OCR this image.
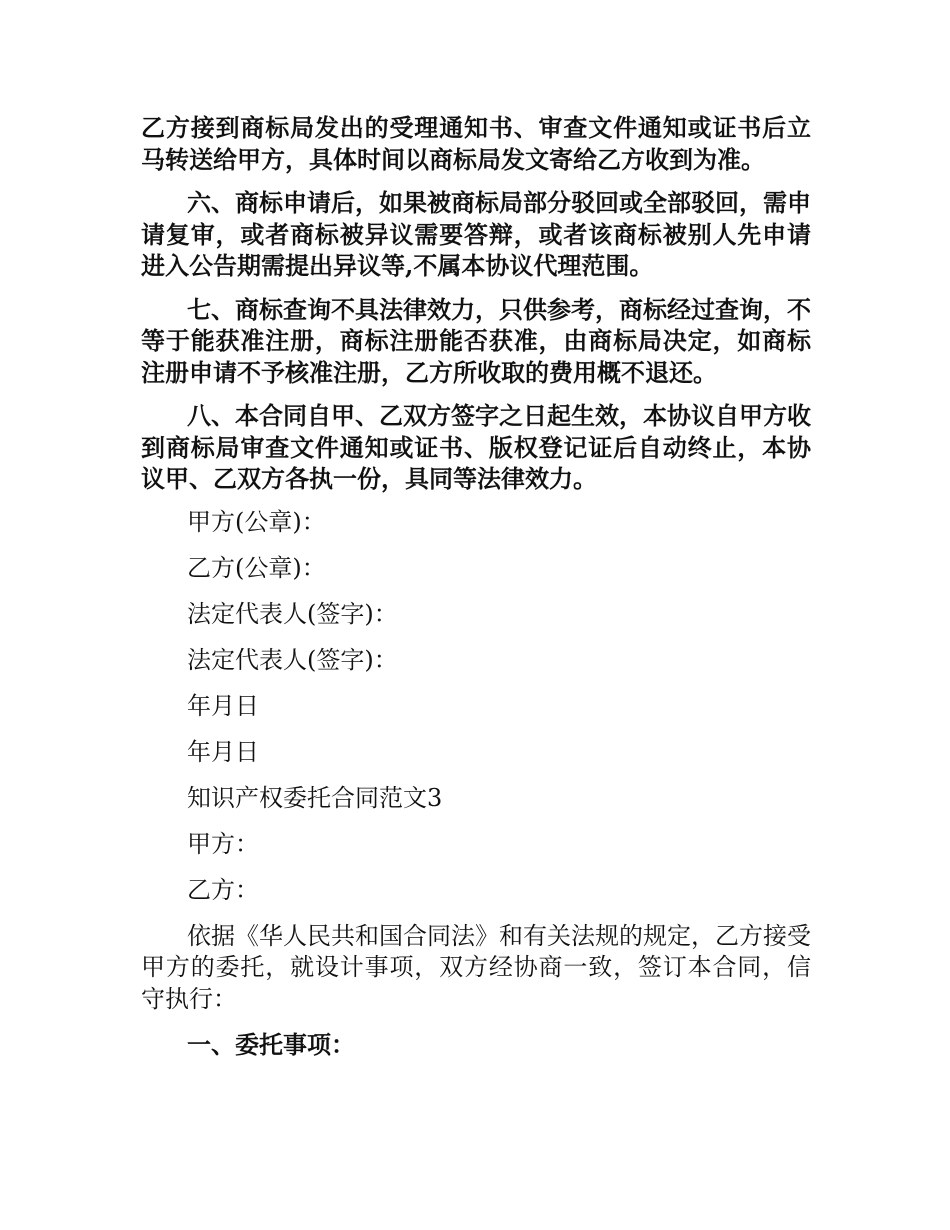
乙方接到商标局发出的受理通知书、审查文件通知或证书后立马转送给甲方，具体时间以商标局发文寄给乙方收到为准。

六、商标申请后，如果被商标局部分驳回或全部驳回，需申请复审，或者商标被异议需要答辩，或者该商标被别人先申请进入公告期需提出异议等,不属本协议代理范围。

七、商标查询不具法律效力，只供参考，商标经过查询，不等于能获准注册，商标注册能否获准，由商标局决定，如商标注册申请不予核准注册，乙方所收取的费用概不退还。

八、本合同自甲、乙双方签字之日起生效，本协议自甲方收到商标局审查文件通知或证书、版权登记证后自动终止，本协议甲、乙双方各执一份，具同等法律效力。

甲方(公章)：
乙方(公章)：
法定代表人(签字)：
法定代表人(签字)：
年月日
年月日
知识产权委托合同范文3
甲方：
乙方：

依据《华人民共和国合同法》和有关法规的规定，乙方接受甲方的委托，就设计事项，双方经协商一致，签订本合同，信守执行：

一、委托事项：
